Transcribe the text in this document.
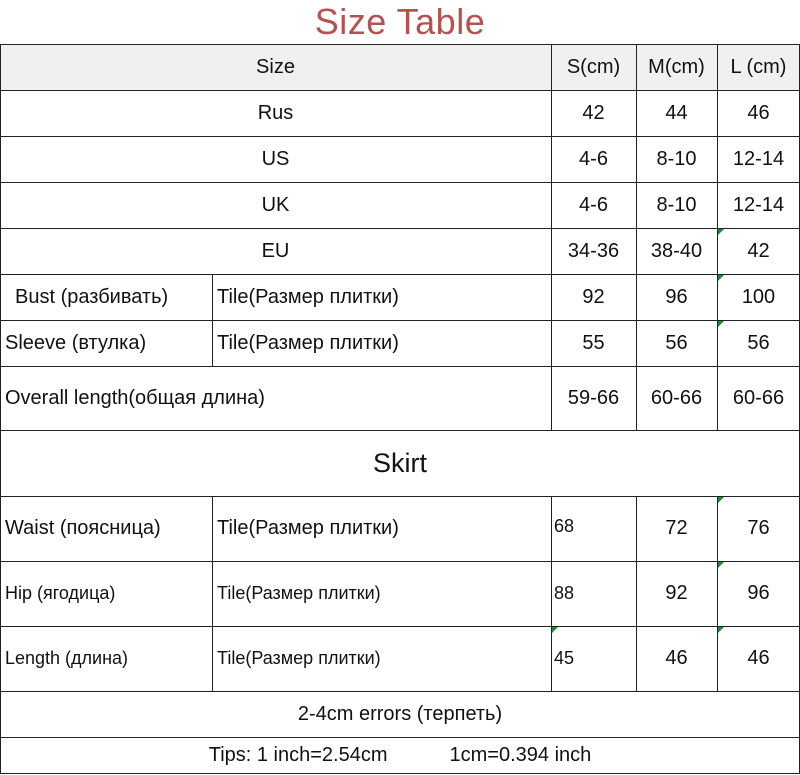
Size Table
Size	S(cm)	M(cm)	L (cm)
Rus	42	44	46
US	4-6	8-10	12-14
UK	4-6	8-10	12-14
EU	34-36	38-40	42
Bust (разбивать)	Tile(Размер плитки)	92	96	100
Sleeve (втулка)	Tile(Размер плитки)	55	56	56
Overall length(общая длина)	59-66	60-66	60-66
Skirt
Waist (поясница)	Tile(Размер плитки)	68	72	76
Hip (ягодица)	Tile(Размер плитки)	88	92	96
Length (длина)	Tile(Размер плитки)	45	46	46
2-4cm errors (терпеть)
Tips: 1 inch=2.54cm	1cm=0.394 inch
